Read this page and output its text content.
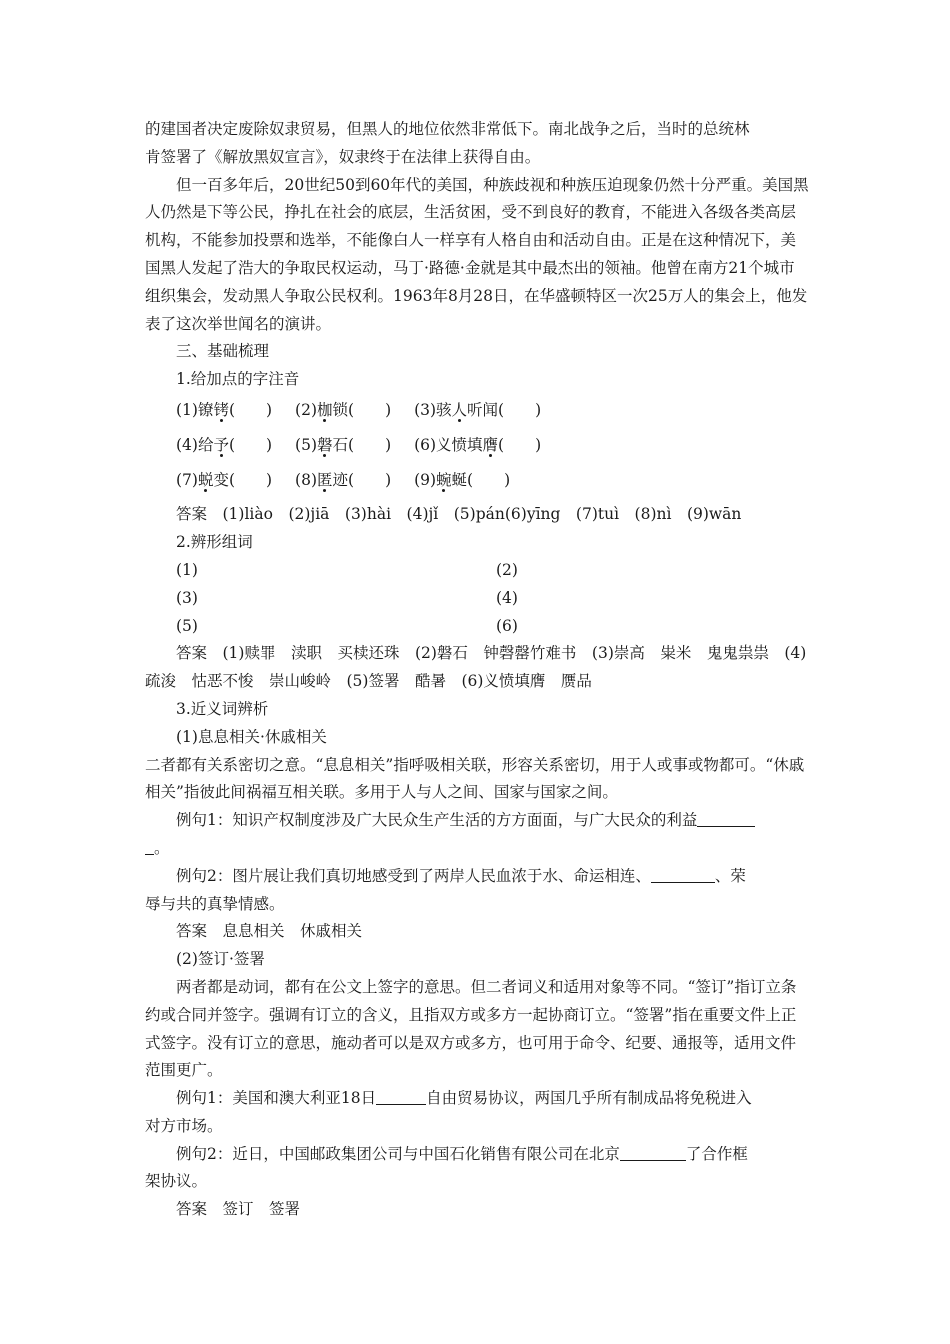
的建国者决定废除奴隶贸易，但黑人的地位依然非常低下。南北战争之后，当时的总统林

肯签署了《解放黑奴宣言》，奴隶终于在法律上获得自由。

但一百多年后，20世纪50到60年代的美国，种族歧视和种族压迫现象仍然十分严重。美国黑人仍然是下等公民，挣扎在社会的底层，生活贫困，受不到良好的教育，不能进入各级各类高层机构，不能参加投票和选举，不能像白人一样享有人格自由和活动自由。正是在这种情况下，美国黑人发起了浩大的争取民权运动，马丁·路德·金就是其中最杰出的领袖。他曾在南方21个城市组织集会，发动黑人争取公民权利。1963年8月28日，在华盛顿特区一次25万人的集会上，他发表了这次举世闻名的演讲。

三、基础梳理

1.给加点的字注音

(1)镣铐(　　) (2)枷锁(　　) (3)骇人听闻(　　)
(4)给予(　　) (5)磐石(　　) (6)义愤填膺(　　)
(7)蜕变(　　) (8)匿迹(　　) (9)蜿蜒(　　)

答案　(1)liào　(2)jiā　(3)hài　(4)jǐ　(5)pán(6)yīng　(7)tuì　(8)nì　(9)wān

2.辨形组词

(1)	(2)
(3)	(4)
(5)	(6)

答案　(1)赎罪　渎职　买椟还珠　(2)磐石　钟磬罄竹难书　(3)崇高　粜米　鬼鬼祟祟　(4)疏浚　怙恶不悛　崇山峻岭　(5)签署　酷暑　(6)义愤填膺　赝品

3.近义词辨析

(1)息息相关·休戚相关

二者都有关系密切之意。“息息相关”指呼吸相关联，形容关系密切，用于人或事或物都可。“休戚相关”指彼此间祸福互相关联。多用于人与人之间、国家与国家之间。

例句1：知识产权制度涉及广大民众生产生活的方方面面，与广大民众的利益

。

例句2：图片展让我们真切地感受到了两岸人民血浓于水、命运相连、	、荣

辱与共的真挚情感。

答案　息息相关　休戚相关

(2)签订·签署

两者都是动词，都有在公文上签字的意思。但二者词义和适用对象等不同。“签订”指订立条约或合同并签字。强调有订立的含义，且指双方或多方一起协商订立。“签署”指在重要文件上正式签字。没有订立的意思，施动者可以是双方或多方，也可用于命令、纪要、通报等，适用文件范围更广。

例句1：美国和澳大利亚18日	自由贸易协议，两国几乎所有制成品将免税进入

对方市场。

例句2：近日，中国邮政集团公司与中国石化销售有限公司在北京	了合作框

架协议。

答案　签订　签署
